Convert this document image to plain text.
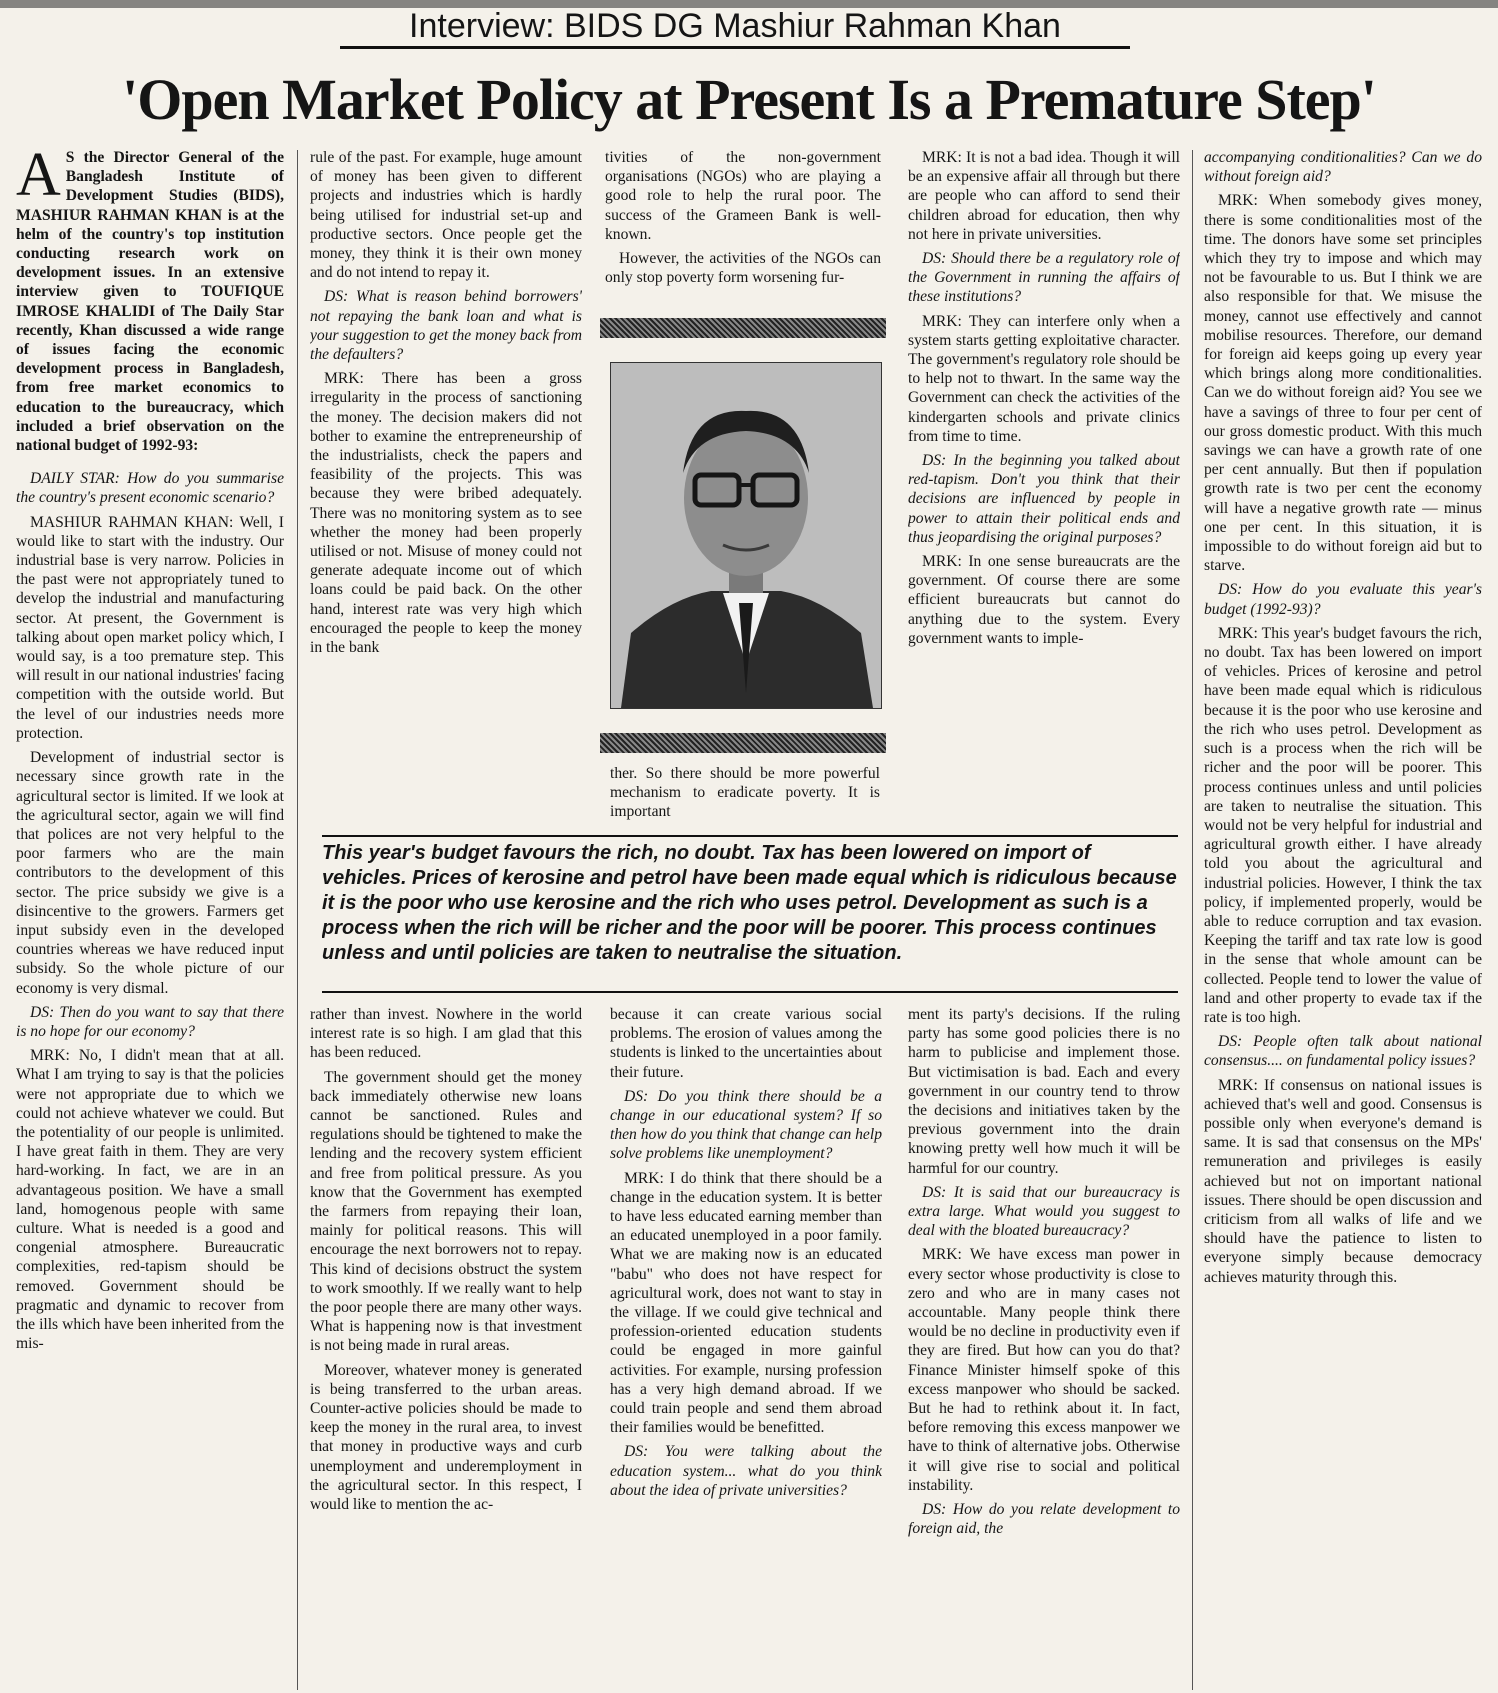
Interview: BIDS DG Mashiur Rahman Khan
'Open Market Policy at Present Is a Premature Step'

A S the Director General of the Bangladesh Institute of Development Studies (BIDS), MASHIUR RAHMAN KHAN is at the helm of the country's top institution conducting research work on development issues. In an extensive interview given to TOUFIQUE IMROSE KHALIDI of The Daily Star recently, Khan discussed a wide range of issues facing the economic development process in Bangladesh, from free market economics to education to the bureaucracy, which included a brief observation on the national budget of 1992-93:

DAILY STAR: How do you summarise the country's present economic scenario?

MASHIUR RAHMAN KHAN: Well, I would like to start with the industry. Our industrial base is very narrow. Policies in the past were not appropriately tuned to develop the industrial and manufacturing sector. At present, the Government is talking about open market policy which, I would say, is a too premature step. This will result in our national industries' facing competition with the outside world. But the level of our industries needs more protection.

Development of industrial sector is necessary since growth rate in the agricultural sector is limited. If we look at the agricultural sector, again we will find that polices are not very helpful to the poor farmers who are the main contributors to the development of this sector. The price subsidy we give is a disincentive to the growers. Farmers get input subsidy even in the developed countries whereas we have reduced input subsidy. So the whole picture of our economy is very dismal.

DS: Then do you want to say that there is no hope for our economy?

MRK: No, I didn't mean that at all. What I am trying to say is that the policies were not appropriate due to which we could not achieve whatever we could. But the potentiality of our people is unlimited. I have great faith in them. They are very hard-working. In fact, we are in an advantageous position. We have a small land, homogenous people with same culture. What is needed is a good and congenial atmosphere. Bureaucratic complexities, red-tapism should be removed. Government should be pragmatic and dynamic to recover from the ills which have been inherited from the mis-

rule of the past. For example, huge amount of money has been given to different projects and industries which is hardly being utilised for industrial set-up and productive sectors. Once people get the money, they think it is their own money and do not intend to repay it.

DS: What is reason behind borrowers' not repaying the bank loan and what is your suggestion to get the money back from the defaulters?

MRK: There has been a gross irregularity in the process of sanctioning the money. The decision makers did not bother to examine the entrepreneurship of the industrialists, check the papers and feasibility of the projects. This was because they were bribed adequately. There was no monitoring system as to see whether the money had been properly utilised or not. Misuse of money could not generate adequate income out of which loans could be paid back. On the other hand, interest rate was very high which encouraged the people to keep the money in the bank

tivities of the non-government organisations (NGOs) who are playing a good role to help the rural poor. The success of the Grameen Bank is well-known.

However, the activities of the NGOs can only stop poverty form worsening fur-

ther. So there should be more powerful mechanism to eradicate poverty. It is important

MRK: It is not a bad idea. Though it will be an expensive affair all through but there are people who can afford to send their children abroad for education, then why not here in private universities.

DS: Should there be a regulatory role of the Government in running the affairs of these institutions?

MRK: They can interfere only when a system starts getting exploitative character. The government's regulatory role should be to help not to thwart. In the same way the Government can check the activities of the kindergarten schools and private clinics from time to time.

DS: In the beginning you talked about red-tapism. Don't you think that their decisions are influenced by people in power to attain their political ends and thus jeopardising the original purposes?

MRK: In one sense bureaucrats are the government. Of course there are some efficient bureaucrats but cannot do anything due to the system. Every government wants to imple-

This year's budget favours the rich, no doubt. Tax has been lowered on import of vehicles. Prices of kerosine and petrol have been made equal which is ridiculous because it is the poor who use kerosine and the rich who uses petrol. Development as such is a process when the rich will be richer and the poor will be poorer. This process continues unless and until policies are taken to neutralise the situation.

rather than invest. Nowhere in the world interest rate is so high. I am glad that this has been reduced.

The government should get the money back immediately otherwise new loans cannot be sanctioned. Rules and regulations should be tightened to make the lending and the recovery system efficient and free from political pressure. As you know that the Government has exempted the farmers from repaying their loan, mainly for political reasons. This will encourage the next borrowers not to repay. This kind of decisions obstruct the system to work smoothly. If we really want to help the poor people there are many other ways. What is happening now is that investment is not being made in rural areas.

Moreover, whatever money is generated is being transferred to the urban areas. Counter-active policies should be made to keep the money in the rural area, to invest that money in productive ways and curb unemployment and underemployment in the agricultural sector. In this respect, I would like to mention the ac-

because it can create various social problems. The erosion of values among the students is linked to the uncertainties about their future.

DS: Do you think there should be a change in our educational system? If so then how do you think that change can help solve problems like unemployment?

MRK: I do think that there should be a change in the education system. It is better to have less educated earning member than an educated unemployed in a poor family. What we are making now is an educated "babu" who does not have respect for agricultural work, does not want to stay in the village. If we could give technical and profession-oriented education students could be engaged in more gainful activities. For example, nursing profession has a very high demand abroad. If we could train people and send them abroad their families would be benefitted.

DS: You were talking about the education system... what do you think about the idea of private universities?

ment its party's decisions. If the ruling party has some good policies there is no harm to publicise and implement those. But victimisation is bad. Each and every government in our country tend to throw the decisions and initiatives taken by the previous government into the drain knowing pretty well how much it will be harmful for our country.

DS: It is said that our bureaucracy is extra large. What would you suggest to deal with the bloated bureaucracy?

MRK: We have excess man power in every sector whose productivity is close to zero and who are in many cases not accountable. Many people think there would be no decline in productivity even if they are fired. But how can you do that? Finance Minister himself spoke of this excess manpower who should be sacked. But he had to rethink about it. In fact, before removing this excess manpower we have to think of alternative jobs. Otherwise it will give rise to social and political instability.

DS: How do you relate development to foreign aid, the

accompanying conditionalities? Can we do without foreign aid?

MRK: When somebody gives money, there is some conditionalities most of the time. The donors have some set principles which they try to impose and which may not be favourable to us. But I think we are also responsible for that. We misuse the money, cannot use effectively and cannot mobilise resources. Therefore, our demand for foreign aid keeps going up every year which brings along more conditionalities. Can we do without foreign aid? You see we have a savings of three to four per cent of our gross domestic product. With this much savings we can have a growth rate of one per cent annually. But then if population growth rate is two per cent the economy will have a negative growth rate — minus one per cent. In this situation, it is impossible to do without foreign aid but to starve.

DS: How do you evaluate this year's budget (1992-93)?

MRK: This year's budget favours the rich, no doubt. Tax has been lowered on import of vehicles. Prices of kerosine and petrol have been made equal which is ridiculous because it is the poor who use kerosine and the rich who uses petrol. Development as such is a process when the rich will be richer and the poor will be poorer. This process continues unless and until policies are taken to neutralise the situation. This would not be very helpful for industrial and agricultural growth either. I have already told you about the agricultural and industrial policies. However, I think the tax policy, if implemented properly, would be able to reduce corruption and tax evasion. Keeping the tariff and tax rate low is good in the sense that whole amount can be collected. People tend to lower the value of land and other property to evade tax if the rate is too high.

DS: People often talk about national consensus.... on fundamental policy issues?

MRK: If consensus on national issues is achieved that's well and good. Consensus is possible only when everyone's demand is same. It is sad that consensus on the MPs' remuneration and privileges is easily achieved but not on important national issues. There should be open discussion and criticism from all walks of life and we should have the patience to listen to everyone simply because democracy achieves maturity through this.
